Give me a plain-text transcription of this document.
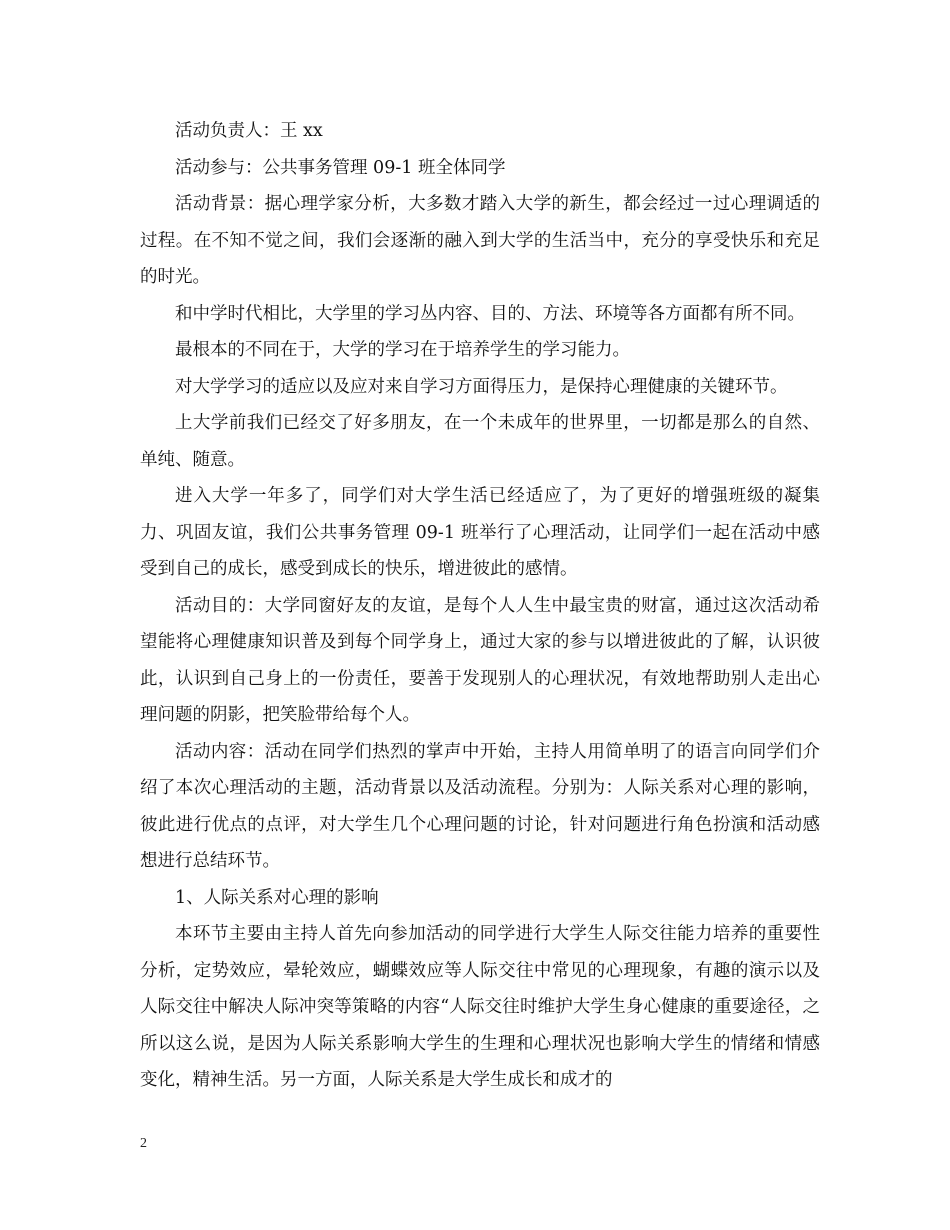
活动负责人：王 xx

活动参与：公共事务管理 09-1 班全体同学

活动背景：据心理学家分析，大多数才踏入大学的新生，都会经过一过心理调适的过程。在不知不觉之间，我们会逐渐的融入到大学的生活当中，充分的享受快乐和充足的时光。

和中学时代相比，大学里的学习丛内容、目的、方法、环境等各方面都有所不同。

最根本的不同在于，大学的学习在于培养学生的学习能力。

对大学学习的适应以及应对来自学习方面得压力，是保持心理健康的关键环节。

上大学前我们已经交了好多朋友，在一个未成年的世界里，一切都是那么的自然、单纯、随意。

进入大学一年多了，同学们对大学生活已经适应了，为了更好的增强班级的凝集力、巩固友谊，我们公共事务管理 09-1 班举行了心理活动，让同学们一起在活动中感受到自己的成长，感受到成长的快乐，增进彼此的感情。

活动目的：大学同窗好友的友谊，是每个人人生中最宝贵的财富，通过这次活动希望能将心理健康知识普及到每个同学身上，通过大家的参与以增进彼此的了解，认识彼此，认识到自己身上的一份责任，要善于发现别人的心理状况，有效地帮助别人走出心理问题的阴影，把笑脸带给每个人。

活动内容：活动在同学们热烈的掌声中开始，主持人用简单明了的语言向同学们介绍了本次心理活动的主题，活动背景以及活动流程。分别为：人际关系对心理的影响，彼此进行优点的点评，对大学生几个心理问题的讨论，针对问题进行角色扮演和活动感想进行总结环节。

1、人际关系对心理的影响

本环节主要由主持人首先向参加活动的同学进行大学生人际交往能力培养的重要性分析，定势效应，晕轮效应，蝴蝶效应等人际交往中常见的心理现象，有趣的演示以及人际交往中解决人际冲突等策略的内容“人际交往时维护大学生身心健康的重要途径，之所以这么说，是因为人际关系影响大学生的生理和心理状况也影响大学生的情绪和情感变化，精神生活。另一方面，人际关系是大学生成长和成才的

2
